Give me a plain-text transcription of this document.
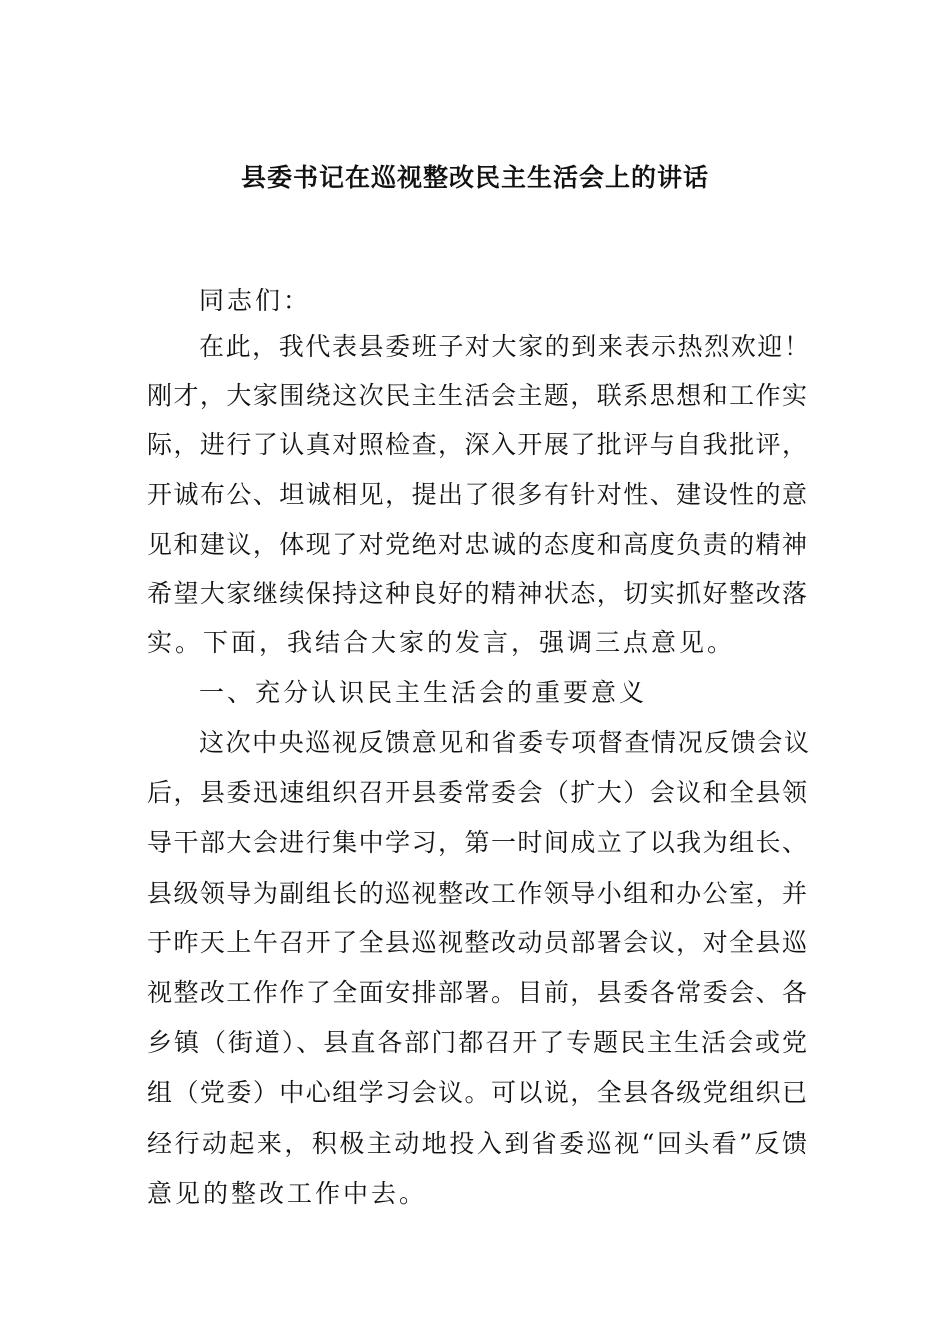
县委书记在巡视整改民主生活会上的讲话
同志们：
在此，我代表县委班子对大家的到来表示热烈欢迎！
刚才，大家围绕这次民主生活会主题，联系思想和工作实
际，进行了认真对照检查，深入开展了批评与自我批评，
开诚布公、坦诚相见，提出了很多有针对性、建设性的意
见和建议，体现了对党绝对忠诚的态度和高度负责的精神
希望大家继续保持这种良好的精神状态，切实抓好整改落
实。下面，我结合大家的发言，强调三点意见。
一、充分认识民主生活会的重要意义
这次中央巡视反馈意见和省委专项督查情况反馈会议
后，县委迅速组织召开县委常委会（扩大）会议和全县领
导干部大会进行集中学习，第一时间成立了以我为组长、
县级领导为副组长的巡视整改工作领导小组和办公室，并
于昨天上午召开了全县巡视整改动员部署会议，对全县巡
视整改工作作了全面安排部署。目前，县委各常委会、各
乡镇（街道）、县直各部门都召开了专题民主生活会或党
组（党委）中心组学习会议。可以说，全县各级党组织已
经行动起来，积极主动地投入到省委巡视“回头看”反馈
意见的整改工作中去。
